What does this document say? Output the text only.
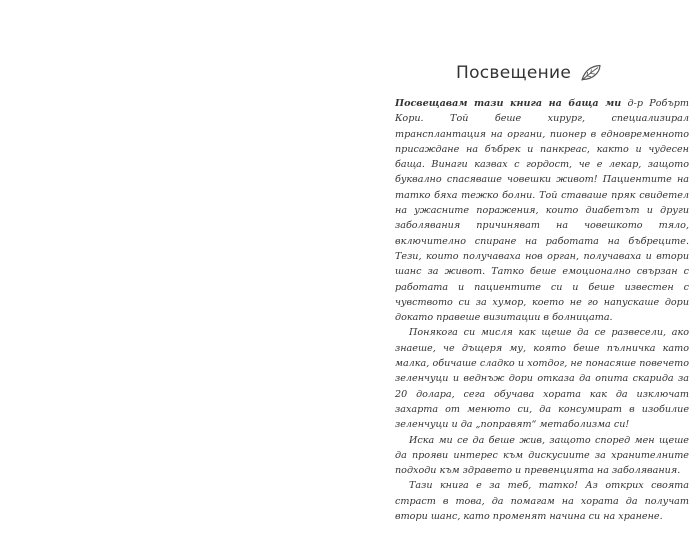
Посвещение

Посвещавам тази книга на баща ми д-р Робърт Кори. Той беше хирург, специализирал трансплантация на органи, пионер в едновременното присаждане на бъбрек и панкреас, както и чудесен баща. Винаги казвах с гордост, че е лекар, защото буквално спасяваше човешки живот! Пациентите на татко бяха тежко болни. Той ставаше пряк свидетел на ужасните поражения, които диабетът и други заболявания причиняват на човешкото тяло, включително спиране на работата на бъбреците. Тези, които получаваха нов орган, получаваха и втори шанс за живот. Татко беше емоционално свързан с работата и пациентите си и беше известен с чувството си за хумор, което не го напускаше дори докато правеше визитации в болницата.

Понякога си мисля как щеше да се развесели, ако знаеше, че дъщеря му, която беше пълничка като малка, обичаше сладко и хотдог, не понасяше повечето зеленчуци и веднъж дори отказа да опита скарида за 20 долара, сега обучава хората как да изключат захарта от менюто си, да консумират в изобилие зеленчуци и да „поправят“ метаболизма си!

Иска ми се да беше жив, защото според мен щеше да прояви интерес към дискусиите за хранителните подходи към здравето и превенцията на заболявания.

Тази книга е за теб, татко! Аз открих своята страст в това, да помагам на хората да получат втори шанс, като променят начина си на хранене.
